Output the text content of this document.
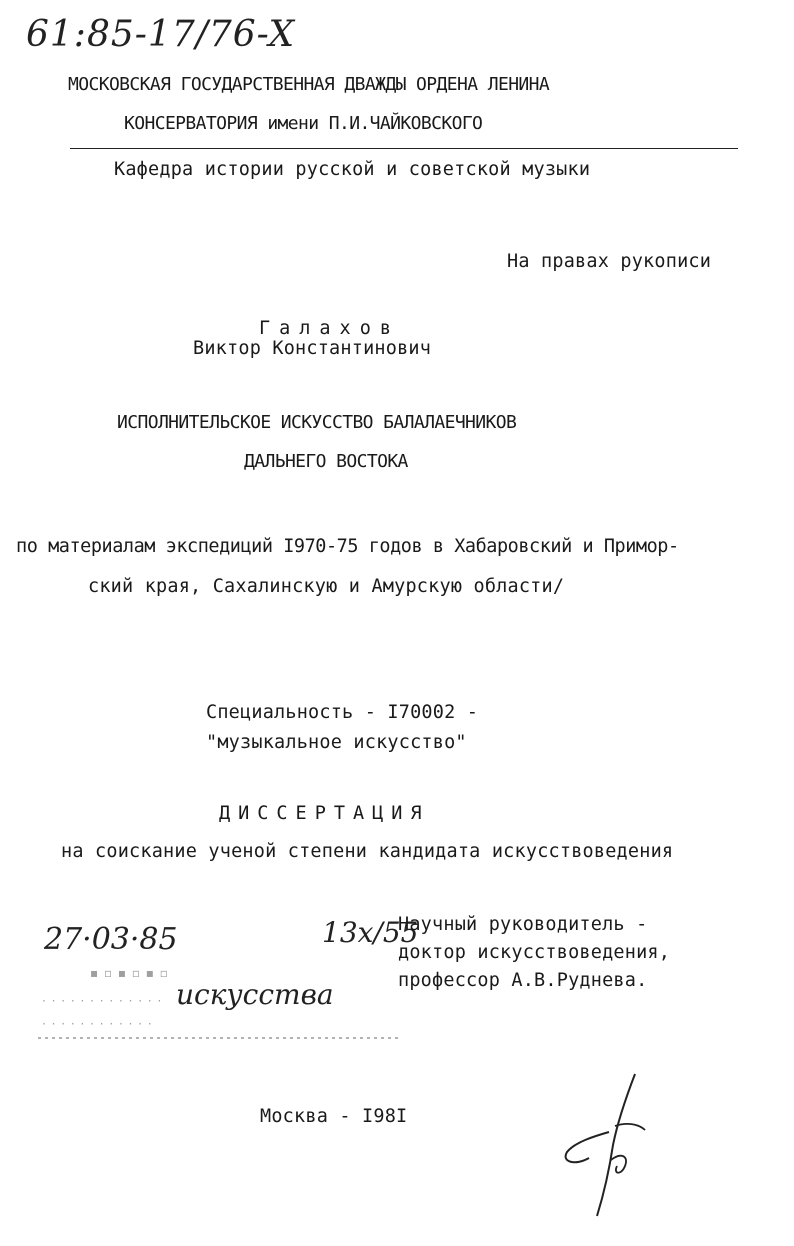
61:85-17/76-X
МОСКОВСКАЯ ГОСУДАРСТВЕННАЯ ДВАЖДЫ ОРДЕНА ЛЕНИНА
КОНСЕРВАТОРИЯ имени П.И.ЧАЙКОВСКОГО
Кафедра истории русской и советской музыки
На правах рукописи
Галахов
Виктор Константинович
ИСПОЛНИТЕЛЬСКОЕ ИСКУССТВО БАЛАЛАЕЧНИКОВ
ДАЛЬНЕГО ВОСТОКА
по материалам экспедиций I970-75 годов в Хабаровский и Примор-
ский края, Сахалинскую и Амурскую области/
Специальность - I70002 -
"музыкальное искусство"
ДИССЕРТАЦИЯ
на соискание ученой степени кандидата искусствоведения
27·03·85	13x/55
▪ ▫ ▪ ▫ ▪ ▫
· · · · · · · · · · · · ·
· · · · · · · · · · · ·
искусства
Научный руководитель -
доктор искусствоведения,
профессор А.В.Руднева.
Москва - I98I
